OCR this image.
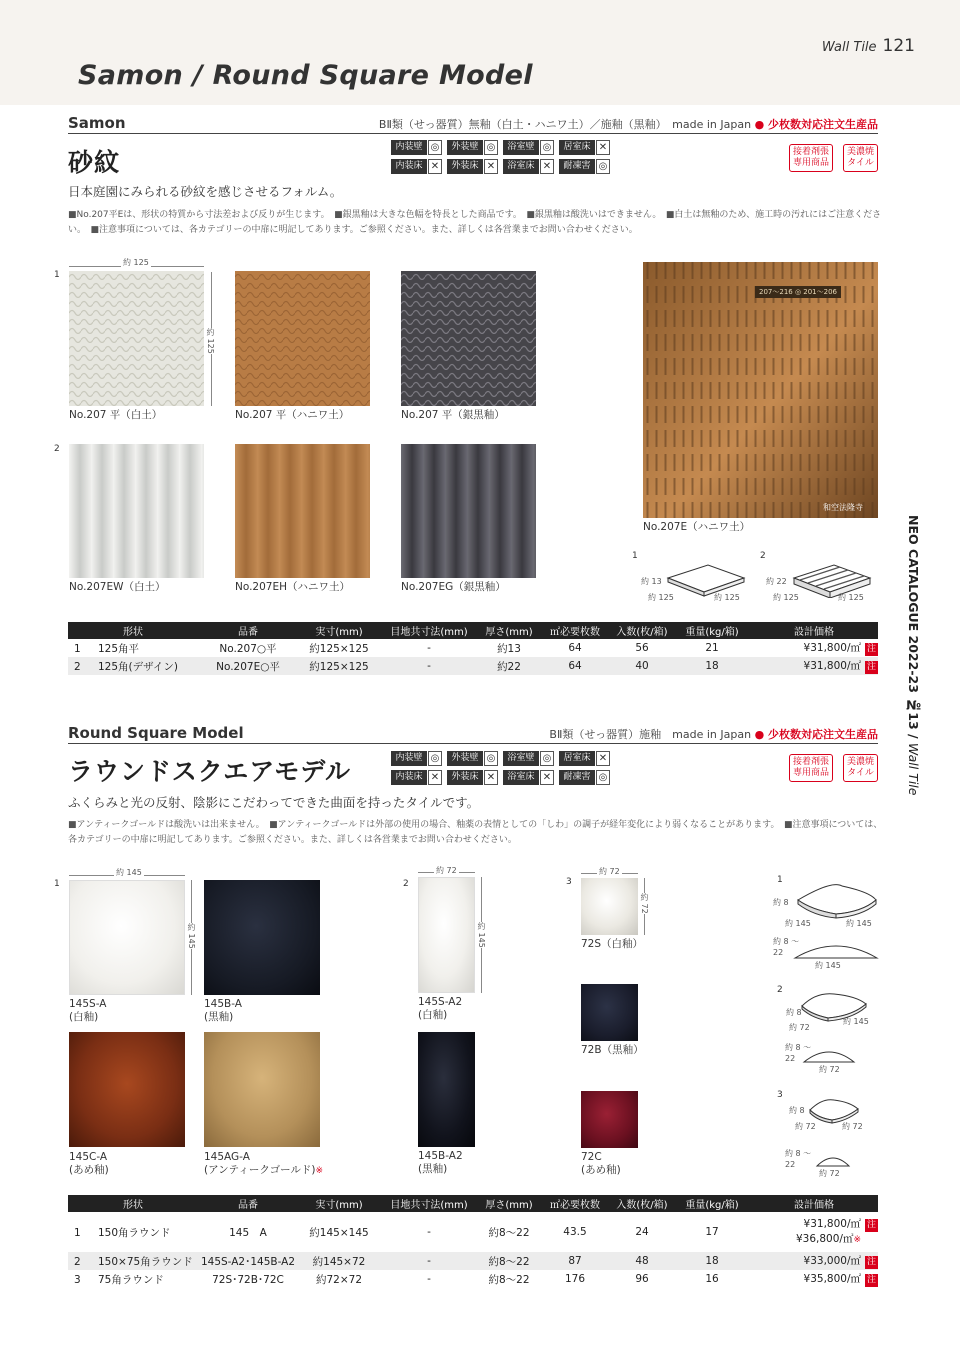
Wall Tile 121
Samon / Round Square Model
Samon	BⅡ類（せっ器質）無釉（白土・ハニワ土）／施釉（黒釉）　made in Japan ● 少枚数対応注文生産品
砂紋
内装壁 ◎	外装壁 ◎	浴室壁 ◎	居室床 ✕
内装床 ✕	外装床 ✕	浴室床 ✕	耐凍害 ◎
接着剤張
専用商品
美濃焼
タイル
日本庭園にみられる砂紋を感じさせるフォルム。
■No.207平Eは、形状の特質から寸法差および反りが生じます。　■銀黒釉は大きな色幅を特長とした商品です。　■銀黒釉は酸洗いはできません。　■白土は無釉のため、施工時の汚れにはご注意ください。　■注意事項については、各カテゴリーの中扉に明記してあります。ご参照ください。また、詳しくは各営業までお問い合わせください。
1
約 125
約 125
No.207 平（白土）	No.207 平（ハニワ土）	No.207 平（銀黒釉）
2
No.207EW（白土）	No.207EH（ハニワ土）	No.207EG（銀黒釉）
207～216 ◎ 201～206
和空法隆寺
No.207E（ハニワ土）
1
約 13
約 125	約 125
2
約 22
約 125	約 125
形状	品番	実寸(mm)	目地共寸法(mm)	厚さ(mm)	㎡必要枚数	入数(枚/箱)	重量(kg/箱)	設計価格
1 125角平	No.207○平	約125×125	-	約13	64	56	21	¥31,800/㎡ 注
2 125角(デザイン)	No.207E○平	約125×125	-	約22	64	40	18	¥31,800/㎡ 注
Round Square Model	BⅡ類（せっ器質）施釉　made in Japan ● 少枚数対応注文生産品
ラウンドスクエアモデル	内装壁 ◎	外装壁 ◎	浴室壁 ◎	居室床 ✕
内装床 ✕	外装床 ✕	浴室床 ✕	耐凍害 ◎
接着剤張
専用商品
美濃焼
タイル
ふくらみと光の反射、陰影にこだわってできた曲面を持ったタイルです。
■アンティークゴールドは酸洗いは出来ません。　■アンティークゴールドは外部の使用の場合、釉薬の表情としての「しわ」の調子が経年変化により弱くなることがあります。　■注意事項については、各カテゴリーの中扉に明記してあります。ご参照ください。また、詳しくは各営業までお問い合わせください。
1
約 145
約 145
145S-A
(白釉)
145B-A
(黒釉)
145C-A
(あめ釉)
145AG-A
(アンティークゴールド)※
2
約 72
約 145
145S-A2
(白釉)
145B-A2
(黒釉)
3
約 72
約 72
72S（白釉）
72B（黒釉）
72C
(あめ釉)
1
約 8
約 145	約 145
約 8 ～
22
約 145
2
約 8
約 72
約 145
約 8 ～
22
約 72
3
約 8
約 72	約 72
約 8 ～
22
約 72
形状	品番	実寸(mm)	目地共寸法(mm)	厚さ(mm)	㎡必要枚数	入数(枚/箱)	重量(kg/箱)	設計価格
1 150角ラウンド	145　A	約145×145	-	約8～22	43.5	24	17	¥31,800/㎡ 注
¥36,800/㎡※
2 150×75角ラウンド	145S-A2･145B-A2	約145×72	-	約8～22	87	48	18	¥33,000/㎡ 注
3 75角ラウンド	72S･72B･72C	約72×72	-	約8～22	176	96	16	¥35,800/㎡ 注
NEO CATALOGUE 2022-23 №13 / Wall Tile
